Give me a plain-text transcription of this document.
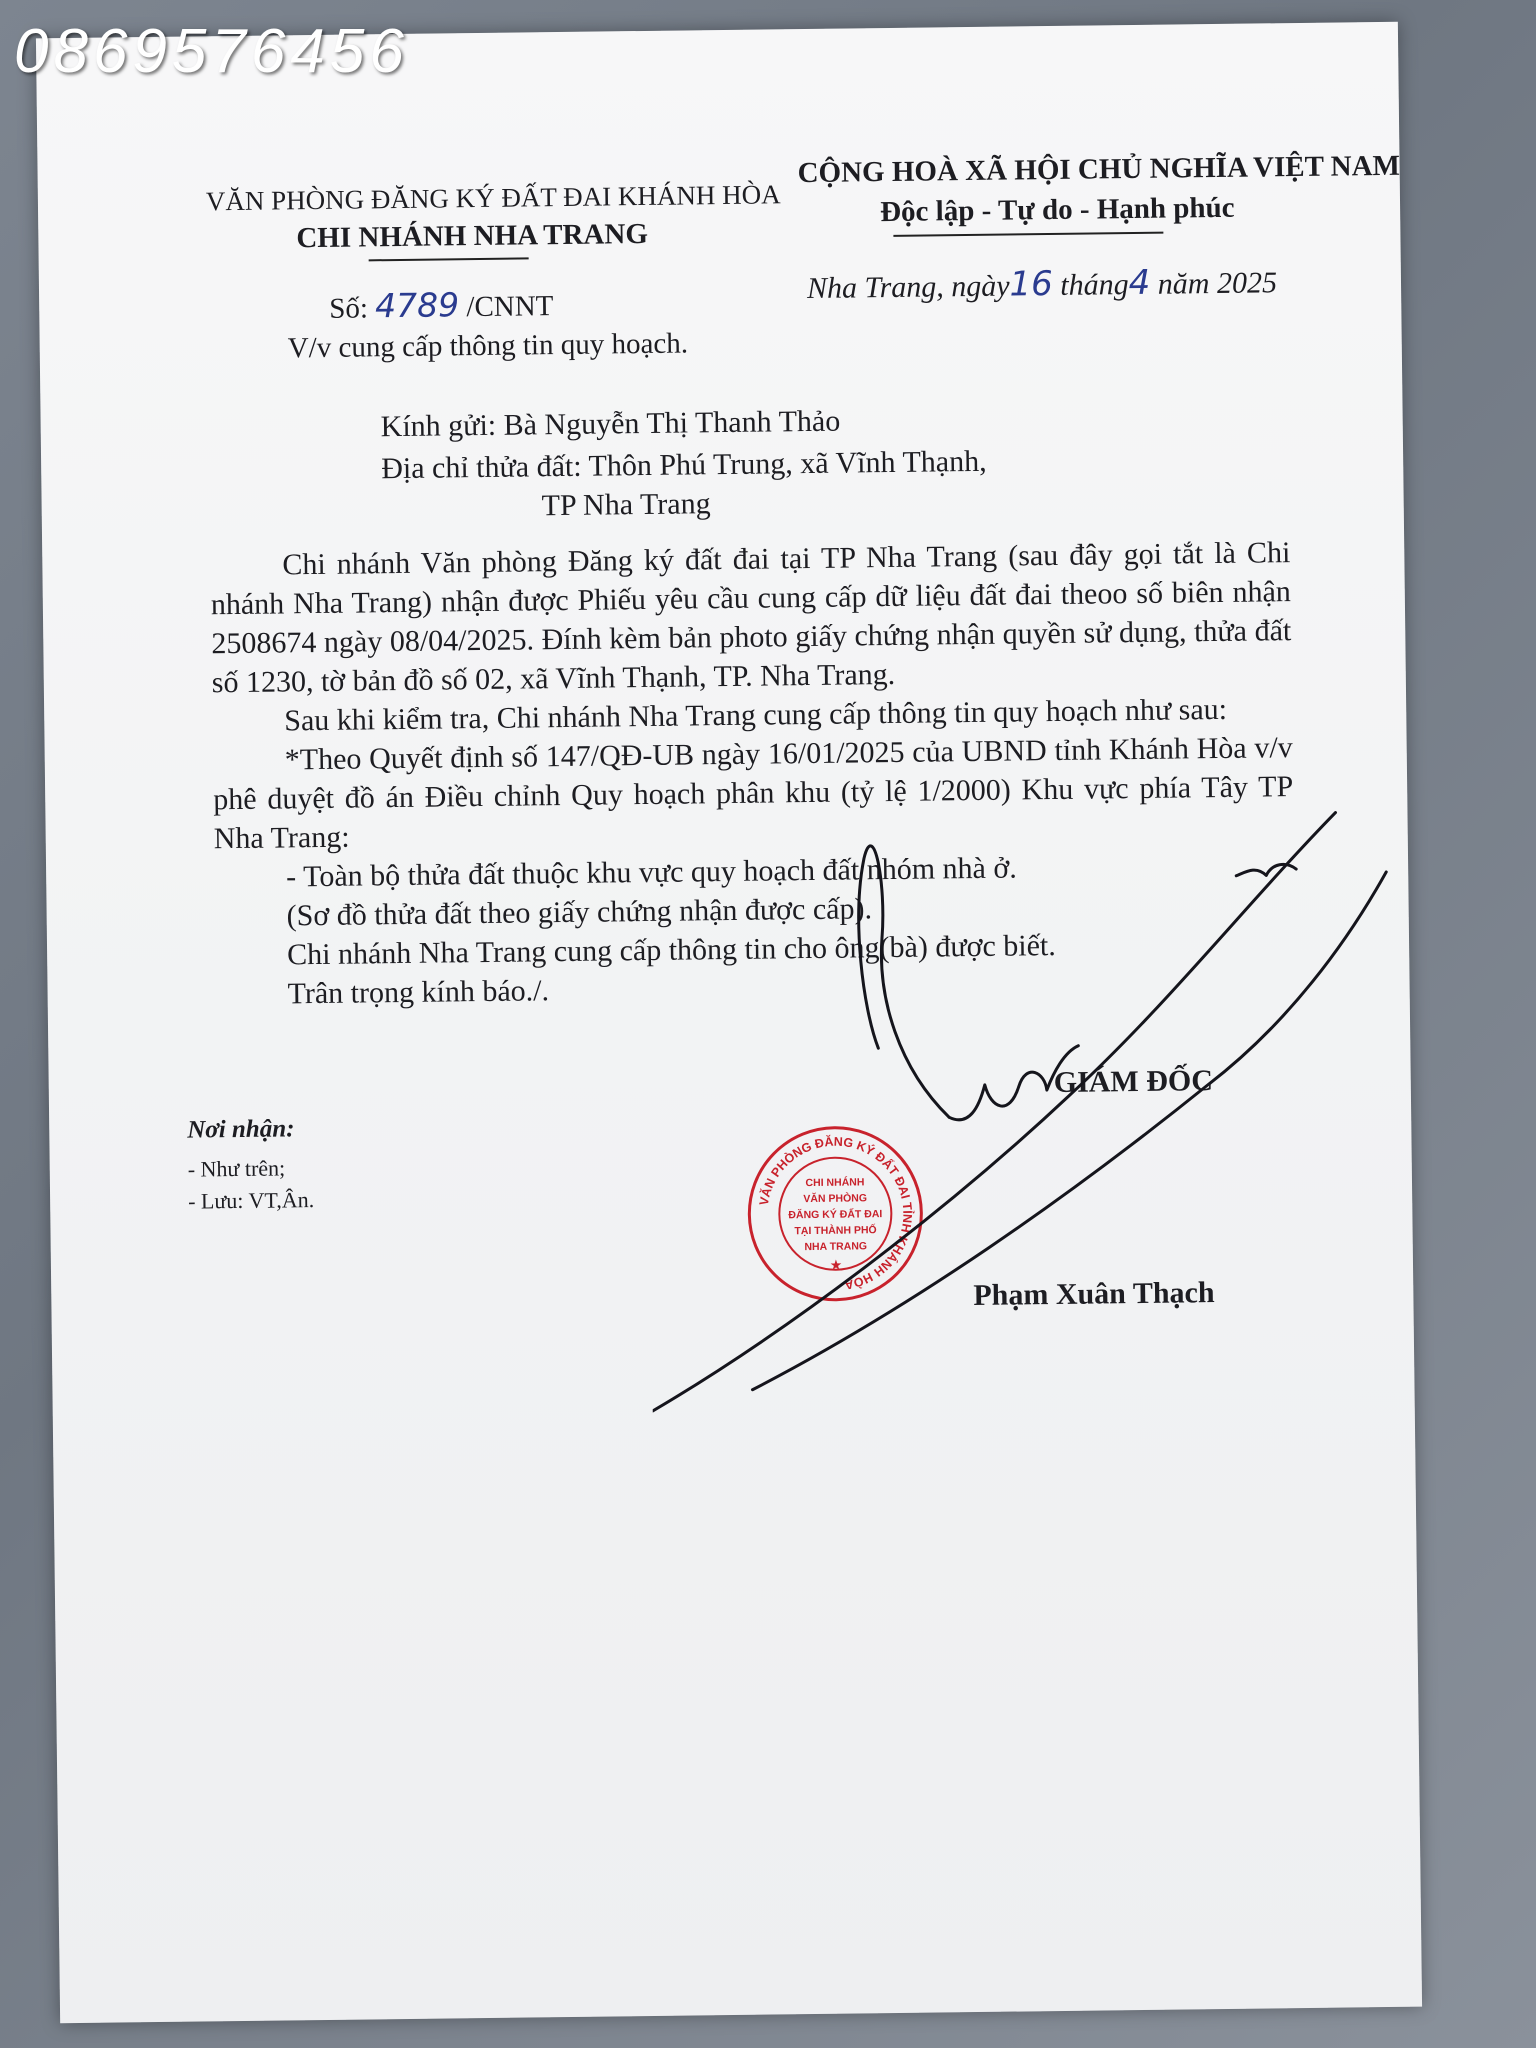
0869576456
VĂN PHÒNG ĐĂNG KÝ ĐẤT ĐAI KHÁNH HÒA
CHI NHÁNH NHA TRANG
CỘNG HOÀ XÃ HỘI CHỦ NGHĨA VIỆT NAM
Độc lập - Tự do - Hạnh phúc
Nha Trang, ngày16 tháng4 năm 2025
Số: 4789 /CNNT
V/v cung cấp thông tin quy hoạch.
Kính gửi: Bà Nguyễn Thị Thanh Thảo
Địa chỉ thửa đất: Thôn Phú Trung, xã Vĩnh Thạnh,
TP Nha Trang

Chi nhánh Văn phòng Đăng ký đất đai tại TP Nha Trang (sau đây gọi tắt là Chi nhánh Nha Trang) nhận được Phiếu yêu cầu cung cấp dữ liệu đất đai theoo số biên nhận 2508674 ngày 08/04/2025. Đính kèm bản photo giấy chứng nhận quyền sử dụng, thửa đất số 1230, tờ bản đồ số 02, xã Vĩnh Thạnh, TP. Nha Trang.

Sau khi kiểm tra, Chi nhánh Nha Trang cung cấp thông tin quy hoạch như sau:

*Theo Quyết định số 147/QĐ-UB ngày 16/01/2025 của UBND tỉnh Khánh Hòa v/v phê duyệt đồ án Điều chỉnh Quy hoạch phân khu (tỷ lệ 1/2000) Khu vực phía Tây TP Nha Trang:

- Toàn bộ thửa đất thuộc khu vực quy hoạch đất nhóm nhà ở.

(Sơ đồ thửa đất theo giấy chứng nhận được cấp).

Chi nhánh Nha Trang cung cấp thông tin cho ông(bà) được biết.

Trân trọng kính báo./.

GIÁM ĐỐC
Nơi nhận:
- Như trên;
- Lưu: VT,Ân.	VĂN PHÒNG ĐĂNG KÝ ĐẤT ĐAI TỈNH KHÁNH HÒA
CHI NHÁNH
VĂN PHÒNG
ĐĂNG KÝ ĐẤT ĐAI
TẠI THÀNH PHỐ
NHA TRANG
★
Phạm Xuân Thạch
